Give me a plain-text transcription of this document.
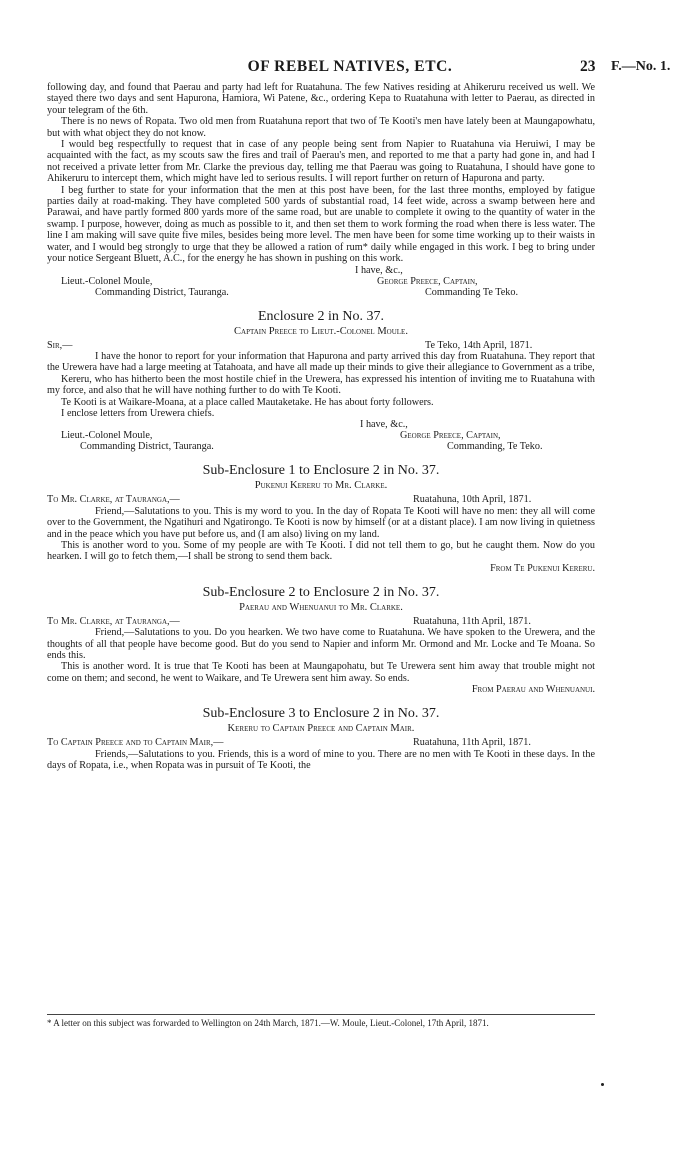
OF REBEL NATIVES, ETC.	23 F.—No. 1.

following day, and found that Paerau and party had left for Ruatahuna. The few Natives residing at Ahikeruru received us well. We stayed there two days and sent Hapurona, Hamiora, Wi Patene, &c., ordering Kepa to Ruatahuna with letter to Paerau, as directed in your telegram of the 6th.

There is no news of Ropata. Two old men from Ruatahuna report that two of Te Kooti's men have lately been at Maungapowhatu, but with what object they do not know.

I would beg respectfully to request that in case of any people being sent from Napier to Ruatahuna via Heruiwi, I may be acquainted with the fact, as my scouts saw the fires and trail of Paerau's men, and reported to me that a party had gone in, and had I not received a private letter from Mr. Clarke the previous day, telling me that Paerau was going to Ruatahuna, I should have gone to Ahikeruru to intercept them, which might have led to serious results. I will report further on return of Hapurona and party.

I beg further to state for your information that the men at this post have been, for the last three months, employed by fatigue parties daily at road-making. They have completed 500 yards of substantial road, 14 feet wide, across a swamp between here and Parawai, and have partly formed 800 yards more of the same road, but are unable to complete it owing to the quantity of water in the swamp. I purpose, however, doing as much as possible to it, and then set them to work forming the road when there is less water. The line I am making will save quite five miles, besides being more level. The men have been for some time working up to their waists in water, and I would beg strongly to urge that they be allowed a ration of rum* daily while engaged in this work. I beg to bring under your notice Sergeant Bluett, A.C., for the energy he has shown in pushing on this work.

I have, &c.,
Lieut.-Colonel Moule,	George Preece, Captain,
Commanding District, Tauranga.	Commanding Te Teko.
Enclosure 2 in No. 37.
Captain Preece to Lieut.-Colonel Moule.
Sir,—	Te Teko, 14th April, 1871.

I have the honor to report for your information that Hapurona and party arrived this day from Ruatahuna. They report that the Urewera have had a large meeting at Tatahoata, and have all made up their minds to give their allegiance to Government as a tribe,

Kereru, who has hitherto been the most hostile chief in the Urewera, has expressed his intention of inviting me to Ruatahuna with my force, and also that he will have nothing further to do with Te Kooti.

Te Kooti is at Waikare-Moana, at a place called Mautaketake. He has about forty followers.

I enclose letters from Urewera chiefs.

I have, &c.,
Lieut.-Colonel Moule,	George Preece, Captain,
Commanding District, Tauranga.	Commanding, Te Teko.
Sub-Enclosure 1 to Enclosure 2 in No. 37.
Pukenui Kereru to Mr. Clarke.
To Mr. Clarke, at Tauranga,—	Ruatahuna, 10th April, 1871.

Friend,—Salutations to you. This is my word to you. In the day of Ropata Te Kooti will have no men: they all will come over to the Government, the Ngatihuri and Ngatirongo. Te Kooti is now by himself (or at a distant place). I am now living in quietness and in the peace which you have put before us, and (I am also) living on my land.

This is another word to you. Some of my people are with Te Kooti. I did not tell them to go, but he caught them. Now do you hearken. I will go to fetch them,—I shall be strong to send them back.

From Te Pukenui Kereru.
Sub-Enclosure 2 to Enclosure 2 in No. 37.
Paerau and Whenuanui to Mr. Clarke.
To Mr. Clarke, at Tauranga,—	Ruatahuna, 11th April, 1871.

Friend,—Salutations to you. Do you hearken. We two have come to Ruatahuna. We have spoken to the Urewera, and the thoughts of all that people have become good. But do you send to Napier and inform Mr. Ormond and Mr. Locke and Te Moana. So ends this.

This is another word. It is true that Te Kooti has been at Maungapohatu, but Te Urewera sent him away that trouble might not come on them; and second, he went to Waikare, and Te Urewera sent him away. So ends.

From Paerau and Whenuanui.
Sub-Enclosure 3 to Enclosure 2 in No. 37.
Kereru to Captain Preece and Captain Mair.
To Captain Preece and to Captain Mair,—	Ruatahuna, 11th April, 1871.

Friends,—Salutations to you. Friends, this is a word of mine to you. There are no men with Te Kooti in these days. In the days of Ropata, i.e., when Ropata was in pursuit of Te Kooti, the

* A letter on this subject was forwarded to Wellington on 24th March, 1871.—W. Moule, Lieut.-Colonel, 17th April, 1871.
